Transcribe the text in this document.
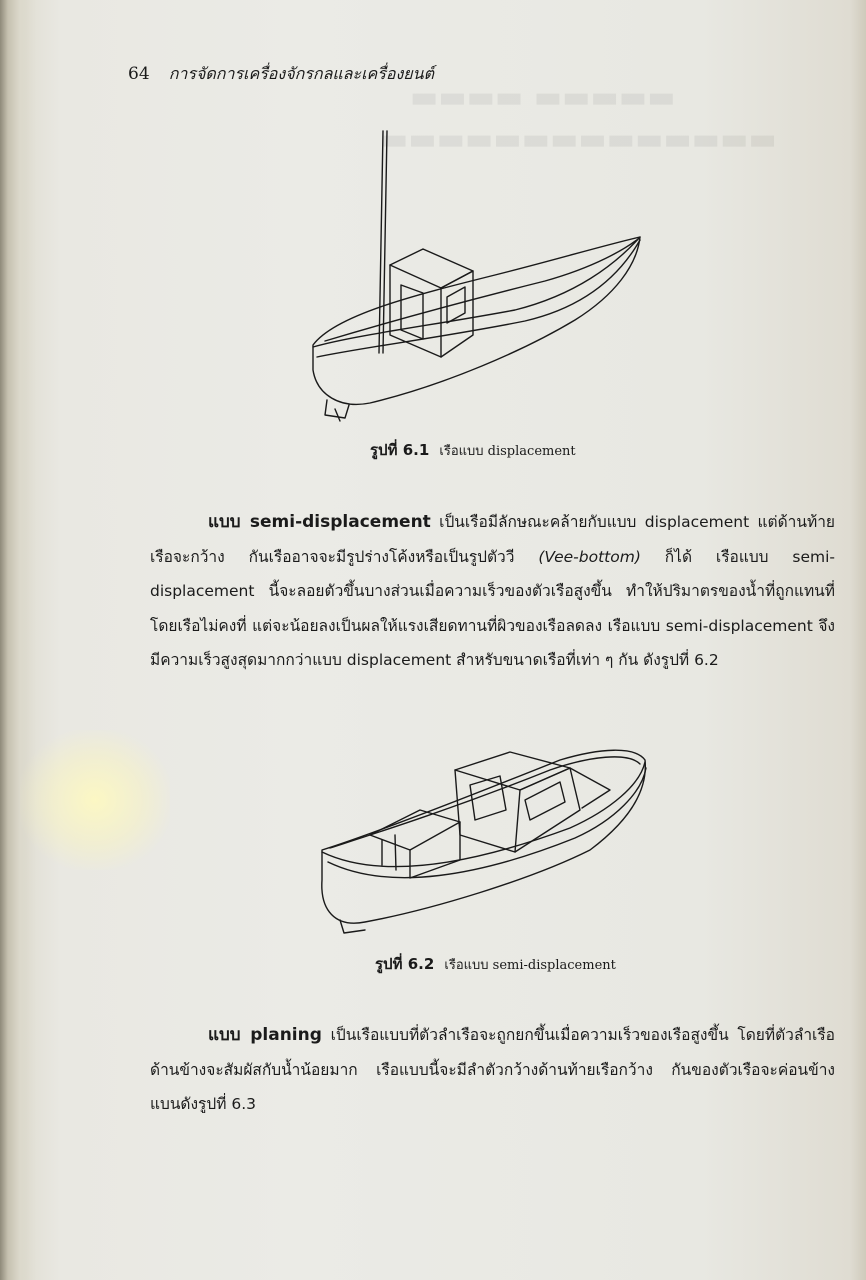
▬▬▬▬ ▬▬▬▬▬
▬▬▬▬▬▬▬▬▬▬▬▬▬▬
64 การจัดการเครื่องจักรกลและเครื่องยนต์
รูปที่ 6.1 เรือแบบ displacement
แบบ semi-displacement เป็นเรือมีลักษณะคล้ายกับแบบ displacement แต่ด้านท้ายเรือจะกว้าง กันเรืออาจจะมีรูปร่างโค้งหรือเป็นรูปตัววี (Vee-bottom) ก็ได้ เรือแบบ semi-displacement นี้จะลอยตัวขึ้นบางส่วนเมื่อความเร็วของตัวเรือสูงขึ้น ทำให้ปริมาตรของน้ำที่ถูกแทนที่โดยเรือไม่คงที่ แต่จะน้อยลงเป็นผลให้แรงเสียดทานที่ผิวของเรือลดลง เรือแบบ semi-displacement จึงมีความเร็วสูงสุดมากกว่าแบบ displacement สำหรับขนาดเรือที่เท่า ๆ กัน ดังรูปที่ 6.2
รูปที่ 6.2 เรือแบบ semi-displacement
แบบ planing เป็นเรือแบบที่ตัวลำเรือจะถูกยกขึ้นเมื่อความเร็วของเรือสูงขึ้น โดยที่ตัวลำเรือด้านข้างจะสัมผัสกับน้ำน้อยมาก เรือแบบนี้จะมีลำตัวกว้างด้านท้ายเรือกว้าง กันของตัวเรือจะค่อนข้างแบนดังรูปที่ 6.3
